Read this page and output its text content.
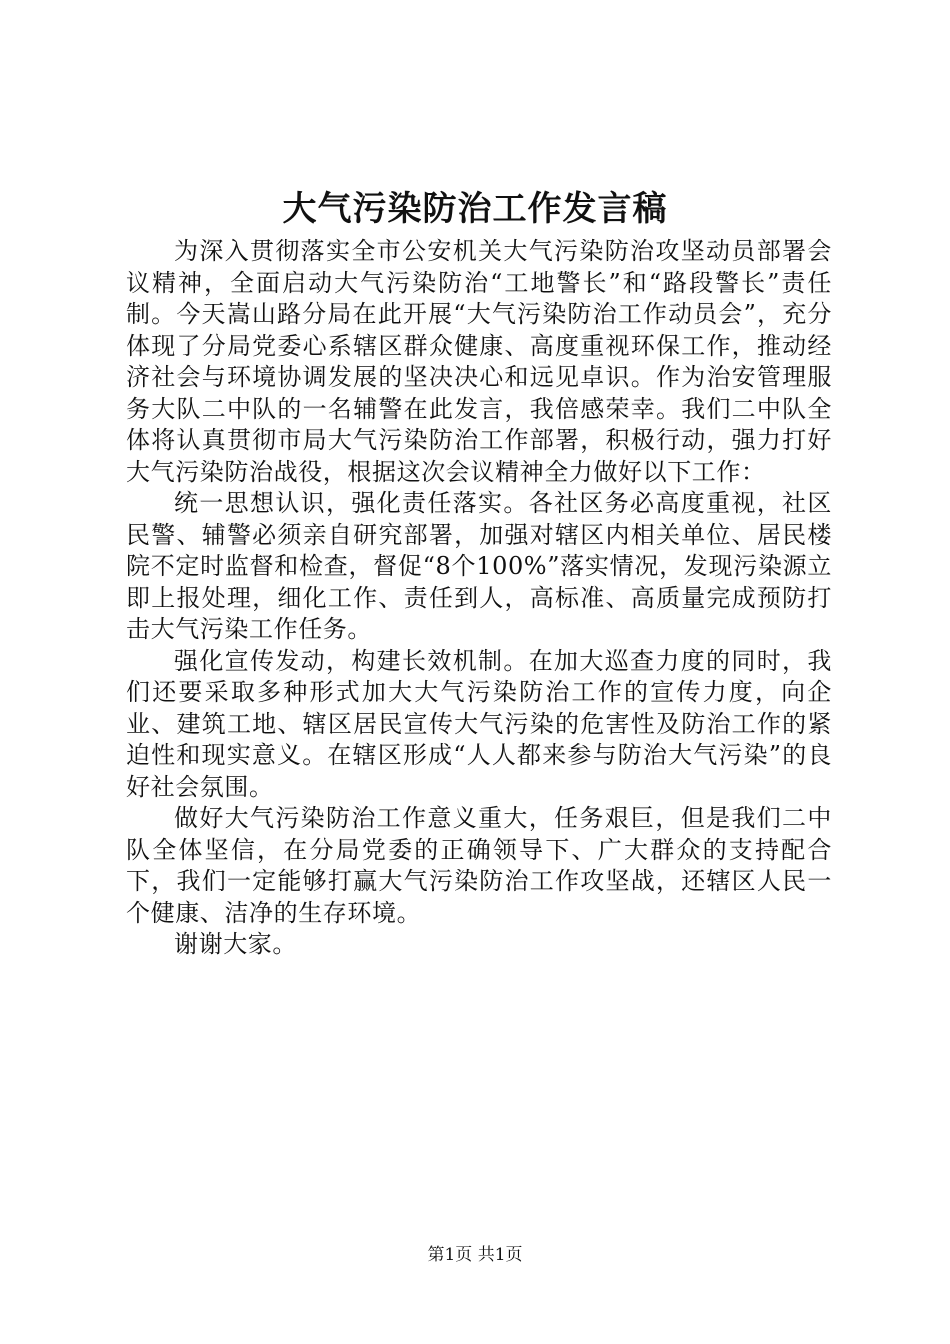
大气污染防治工作发言稿

为深入贯彻落实全市公安机关大气污染防治攻坚动员部署会议精神，全面启动大气污染防治“工地警长”和“路段警长”责任制。今天嵩山路分局在此开展“大气污染防治工作动员会”，充分体现了分局党委心系辖区群众健康、高度重视环保工作，推动经济社会与环境协调发展的坚决决心和远见卓识。作为治安管理服务大队二中队的一名辅警在此发言，我倍感荣幸。我们二中队全体将认真贯彻市局大气污染防治工作部署，积极行动，强力打好大气污染防治战役，根据这次会议精神全力做好以下工作：

统一思想认识，强化责任落实。各社区务必高度重视，社区民警、辅警必须亲自研究部署，加强对辖区内相关单位、居民楼院不定时监督和检查，督促“8个100%”落实情况，发现污染源立即上报处理，细化工作、责任到人，高标准、高质量完成预防打击大气污染工作任务。

强化宣传发动，构建长效机制。在加大巡查力度的同时，我们还要采取多种形式加大大气污染防治工作的宣传力度，向企业、建筑工地、辖区居民宣传大气污染的危害性及防治工作的紧迫性和现实意义。在辖区形成“人人都来参与防治大气污染”的良好社会氛围。

做好大气污染防治工作意义重大，任务艰巨，但是我们二中队全体坚信，在分局党委的正确领导下、广大群众的支持配合下，我们一定能够打赢大气污染防治工作攻坚战，还辖区人民一个健康、洁净的生存环境。

谢谢大家。

第1页 共1页
